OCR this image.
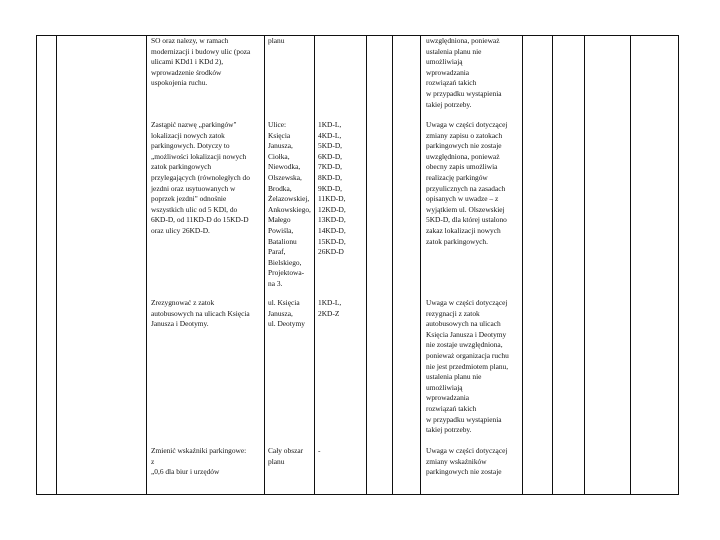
SO oraz nalezy, w ramach
modernizacji i budowy ulic (poza
ulicami KDd1 i KDd 2),
wprowadzenie środków
uspokojenia ruchu.
planu	uwzględniona, ponieważ
ustalenia planu nie
umożliwiają
wprowadzania
rozwiązań takich
w przypadku wystąpienia
takiej potrzeby.
Zastąpić nazwę „parkingów" lokalizacji nowych zatok
parkingowych. Dotyczy to
„możliwości lokalizacji nowych
zatok parkingowych
przylegających (równoległych do
jezdni oraz usytuowanych w
poprzek jezdni" odnośnie
wszystkich ulic od 5 KDl, do
6KD-D, od 11KD-D do 15KD-D
oraz ulicy 26KD-D.
Ulice:
Księcia
Janusza,
Ciołka,
Niewodka,
Olszewska,
Brodka,
Żelazowskiej,
Ankowskiego,
Małego
Powiśla,
Batalionu
Paraf,
Bielskiego,
Projektowa-
na 3.
1KD-L,
4KD-L,
5KD-D,
6KD-D,
7KD-D,
8KD-D,
9KD-D,
11KD-D,
12KD-D,
13KD-D,
14KD-D,
15KD-D,
26KD-D
Uwaga w części dotyczącej
zmiany zapisu o zatokach
parkingowych nie zostaje
uwzględniona, ponieważ
obecny zapis umożliwia
realizację parkingów
przyulicznych na zasadach
opisanych w uwadze – z
wyjątkiem ul. Olszewskiej
5KD-D, dla której ustalono
zakaz lokalizacji nowych
zatok parkingowych.
Zrezygnować z zatok
autobusowych na ulicach Księcia
Janusza i Deotymy.
ul. Księcia
Janusza,
ul. Deotymy
1KD-L,
2KD-Z
Uwaga w części dotyczącej
rezygnacji z zatok
autobusowych na ulicach
Księcia Janusza i Deotymy
nie zostaje uwzględniona,
ponieważ organizacja ruchu
nie jest przedmiotem planu,
ustalenia planu nie
umożliwiają
wprowadzania
rozwiązań takich
w przypadku wystąpienia
takiej potrzeby.
Zmienić wskaźniki parkingowe:
z
„0,6 dla biur i urzędów
Cały obszar
planu
-	Uwaga w części dotyczącej
zmiany wskaźników
parkingowych nie zostaje
